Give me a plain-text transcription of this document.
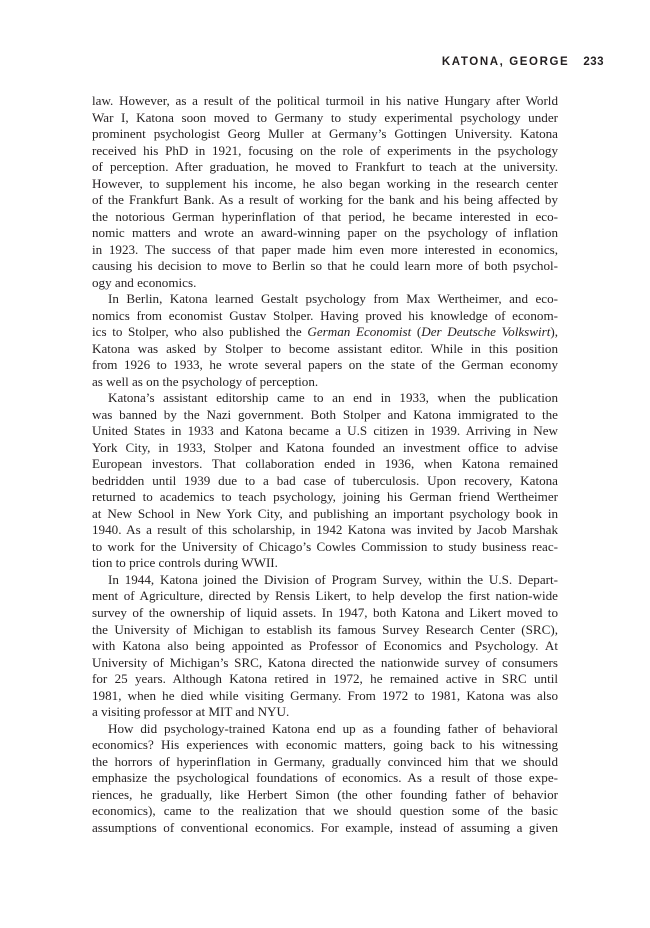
KATONA, GEORGE 233
law. However, as a result of the political turmoil in his native Hungary after World
War I, Katona soon moved to Germany to study experimental psychology under
prominent psychologist Georg Muller at Germany’s Gottingen University. Katona
received his PhD in 1921, focusing on the role of experiments in the psychology
of perception. After graduation, he moved to Frankfurt to teach at the university.
However, to supplement his income, he also began working in the research center
of the Frankfurt Bank. As a result of working for the bank and his being affected by
the notorious German hyperinflation of that period, he became interested in eco-
nomic matters and wrote an award-winning paper on the psychology of inflation
in 1923. The success of that paper made him even more interested in economics,
causing his decision to move to Berlin so that he could learn more of both psychol-
ogy and economics.
In Berlin, Katona learned Gestalt psychology from Max Wertheimer, and eco-
nomics from economist Gustav Stolper. Having proved his knowledge of econom-
ics to Stolper, who also published the German Economist (Der Deutsche Volkswirt),
Katona was asked by Stolper to become assistant editor. While in this position
from 1926 to 1933, he wrote several papers on the state of the German economy
as well as on the psychology of perception.
Katona’s assistant editorship came to an end in 1933, when the publication
was banned by the Nazi government. Both Stolper and Katona immigrated to the
United States in 1933 and Katona became a U.S citizen in 1939. Arriving in New
York City, in 1933, Stolper and Katona founded an investment office to advise
European investors. That collaboration ended in 1936, when Katona remained
bedridden until 1939 due to a bad case of tuberculosis. Upon recovery, Katona
returned to academics to teach psychology, joining his German friend Wertheimer
at New School in New York City, and publishing an important psychology book in
1940. As a result of this scholarship, in 1942 Katona was invited by Jacob Marshak
to work for the University of Chicago’s Cowles Commission to study business reac-
tion to price controls during WWII.
In 1944, Katona joined the Division of Program Survey, within the U.S. Depart-
ment of Agriculture, directed by Rensis Likert, to help develop the first nation-wide
survey of the ownership of liquid assets. In 1947, both Katona and Likert moved to
the University of Michigan to establish its famous Survey Research Center (SRC),
with Katona also being appointed as Professor of Economics and Psychology. At
University of Michigan’s SRC, Katona directed the nationwide survey of consumers
for 25 years. Although Katona retired in 1972, he remained active in SRC until
1981, when he died while visiting Germany. From 1972 to 1981, Katona was also
a visiting professor at MIT and NYU.
How did psychology-trained Katona end up as a founding father of behavioral
economics? His experiences with economic matters, going back to his witnessing
the horrors of hyperinflation in Germany, gradually convinced him that we should
emphasize the psychological foundations of economics. As a result of those expe-
riences, he gradually, like Herbert Simon (the other founding father of behavior
economics), came to the realization that we should question some of the basic
assumptions of conventional economics. For example, instead of assuming a given
